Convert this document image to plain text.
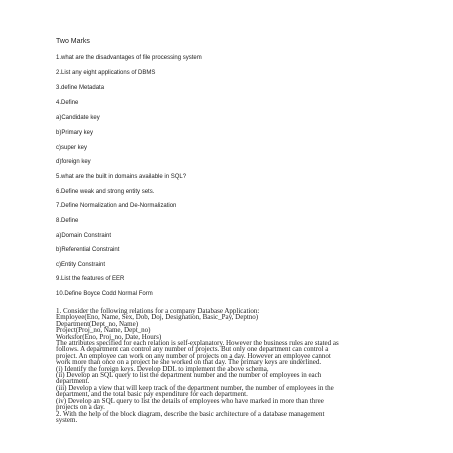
Two Marks
1.what are the disadvantages of file processing system
2.List any eight applications of DBMS
3.define Metadata
4.Define
a)Candidate key
b)Primary key
c)super key
d)foreign key
5.what are the built in domains available in SQL?
6.Define weak and strong entity sets.
7.Define Normalization and De-Normalization
8.Define
a)Domain Constraint
b)Referential Constraint
c)Entity Constraint
9.List the features of EER
10.Define Boyce Codd Normal Form
1. Consider the following relations for a company Database Application:
Employee(Eno, Name, Sex, Dob, Doj, Designation, Basic_Pay, Deptno)
Department(Dept_no, Name)
Project(Proj_no, Name, Dept_no)
Worksfor(Eno, Proj_no, Date, Hours)
The attributes specified for each relation is self-explanatory. However the business rules are stated as
follows. A department can control any number of projects. But only one department can control a
project. An employee can work on any number of projects on a day. However an employee cannot
work more than once on a project he she worked on that day. The primary keys are underlined.
(i) Identify the foreign keys. Develop DDL to implement the above schema.
(ii) Develop an SQL query to list the department number and the number of employees in each
department.
(iii) Develop a view that will keep track of the department number, the number of employees in the
department, and the total basic pay expenditure for each department.
(iv) Develop an SQL query to list the details of employees who have marked in more than three
projects on a day.
2. With the help of the block diagram, describe the basic architecture of a database management
system.
